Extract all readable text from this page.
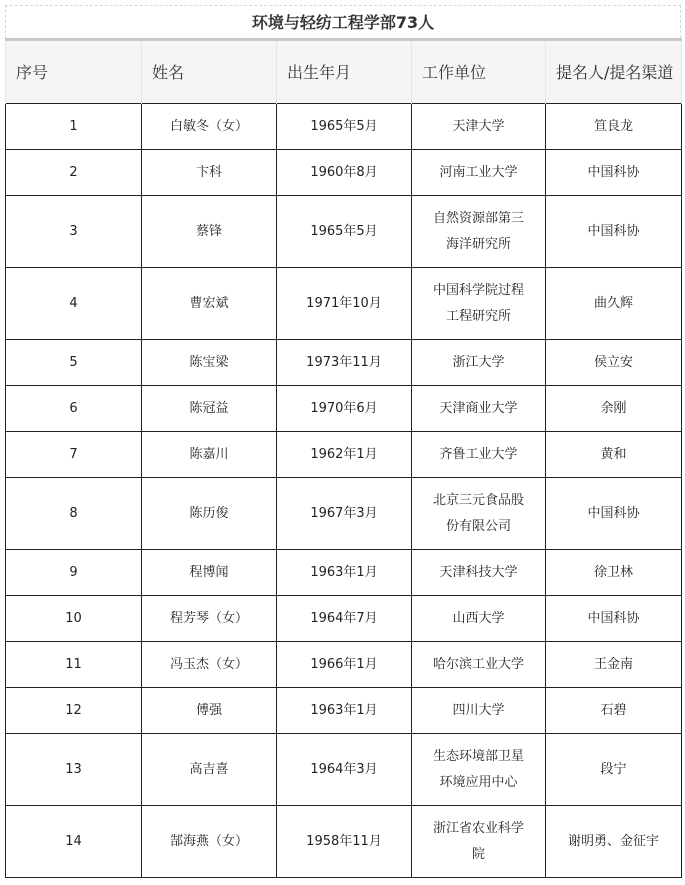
环境与轻纺工程学部73人
序号	姓名	出生年月	工作单位	提名人/提名渠道
1	白敏冬（女）	1965年5月	天津大学	笪良龙
2	卞科	1960年8月	河南工业大学	中国科协
3	蔡锋	1965年5月	自然资源部第三海洋研究所	中国科协
4	曹宏斌	1971年10月	中国科学院过程工程研究所	曲久辉
5	陈宝梁	1973年11月	浙江大学	侯立安
6	陈冠益	1970年6月	天津商业大学	余刚
7	陈嘉川	1962年1月	齐鲁工业大学	黄和
8	陈历俊	1967年3月	北京三元食品股份有限公司	中国科协
9	程博闻	1963年1月	天津科技大学	徐卫林
10	程芳琴（女）	1964年7月	山西大学	中国科协
11	冯玉杰（女）	1966年1月	哈尔滨工业大学	王金南
12	傅强	1963年1月	四川大学	石碧
13	高吉喜	1964年3月	生态环境部卫星环境应用中心	段宁
14	郜海燕（女）	1958年11月	浙江省农业科学院	谢明勇、金征宇
